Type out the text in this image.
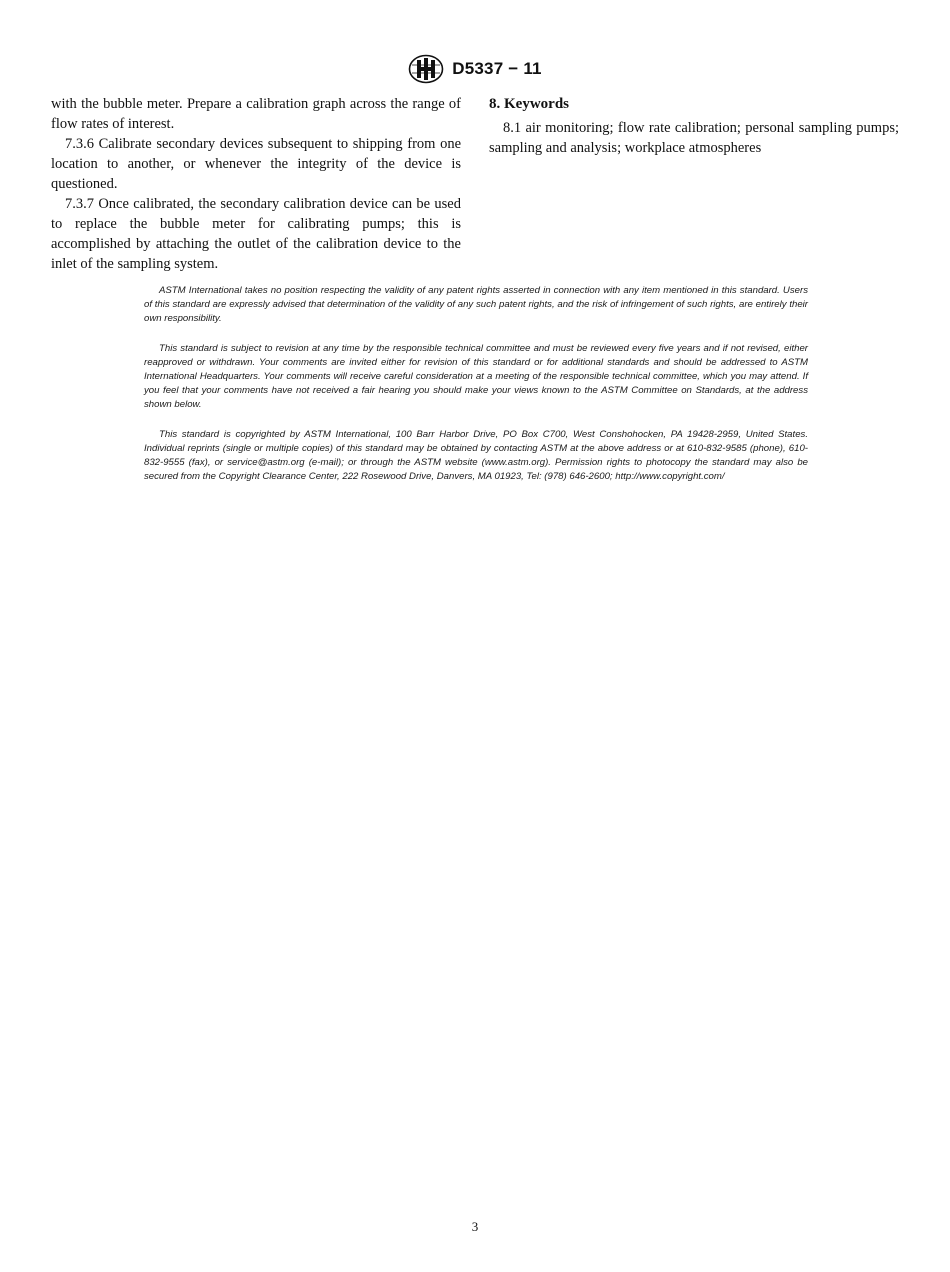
D5337 − 11

with the bubble meter. Prepare a calibration graph across the range of flow rates of interest.

7.3.6 Calibrate secondary devices subsequent to shipping from one location to another, or whenever the integrity of the device is questioned.

7.3.7 Once calibrated, the secondary calibration device can be used to replace the bubble meter for calibrating pumps; this is accomplished by attaching the outlet of the calibration device to the inlet of the sampling system.

8. Keywords

8.1 air monitoring; flow rate calibration; personal sampling pumps; sampling and analysis; workplace atmospheres

ASTM International takes no position respecting the validity of any patent rights asserted in connection with any item mentioned in this standard. Users of this standard are expressly advised that determination of the validity of any such patent rights, and the risk of infringement of such rights, are entirely their own responsibility.

This standard is subject to revision at any time by the responsible technical committee and must be reviewed every five years and if not revised, either reapproved or withdrawn. Your comments are invited either for revision of this standard or for additional standards and should be addressed to ASTM International Headquarters. Your comments will receive careful consideration at a meeting of the responsible technical committee, which you may attend. If you feel that your comments have not received a fair hearing you should make your views known to the ASTM Committee on Standards, at the address shown below.

This standard is copyrighted by ASTM International, 100 Barr Harbor Drive, PO Box C700, West Conshohocken, PA 19428-2959, United States. Individual reprints (single or multiple copies) of this standard may be obtained by contacting ASTM at the above address or at 610-832-9585 (phone), 610-832-9555 (fax), or service@astm.org (e-mail); or through the ASTM website (www.astm.org). Permission rights to photocopy the standard may also be secured from the Copyright Clearance Center, 222 Rosewood Drive, Danvers, MA 01923, Tel: (978) 646-2600; http://www.copyright.com/

3
